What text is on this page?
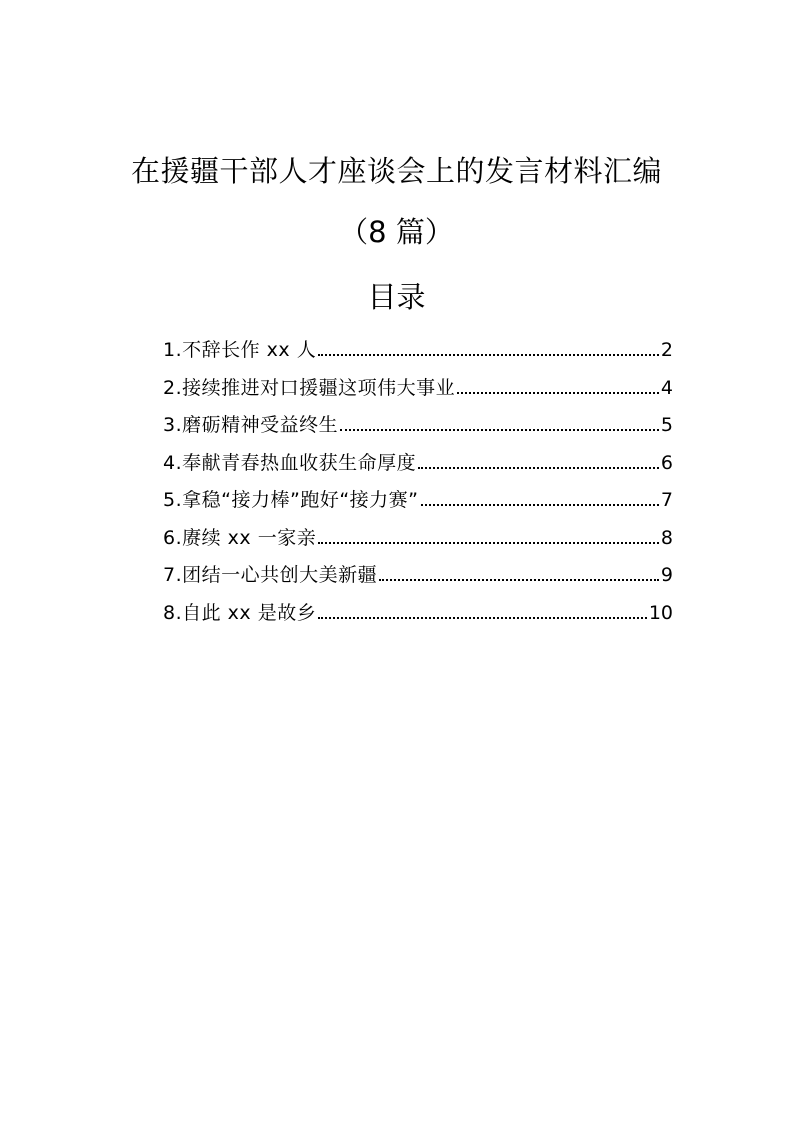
在援疆干部人才座谈会上的发言材料汇编
（8 篇）
目录
1.不辞长作 xx 人	2
2.接续推进对口援疆这项伟大事业	4
3.磨砺精神受益终生	5
4.奉献青春热血收获生命厚度	6
5.拿稳“接力棒”跑好“接力赛”	7
6.赓续 xx 一家亲	8
7.团结一心共创大美新疆	9
8.自此 xx 是故乡	10
